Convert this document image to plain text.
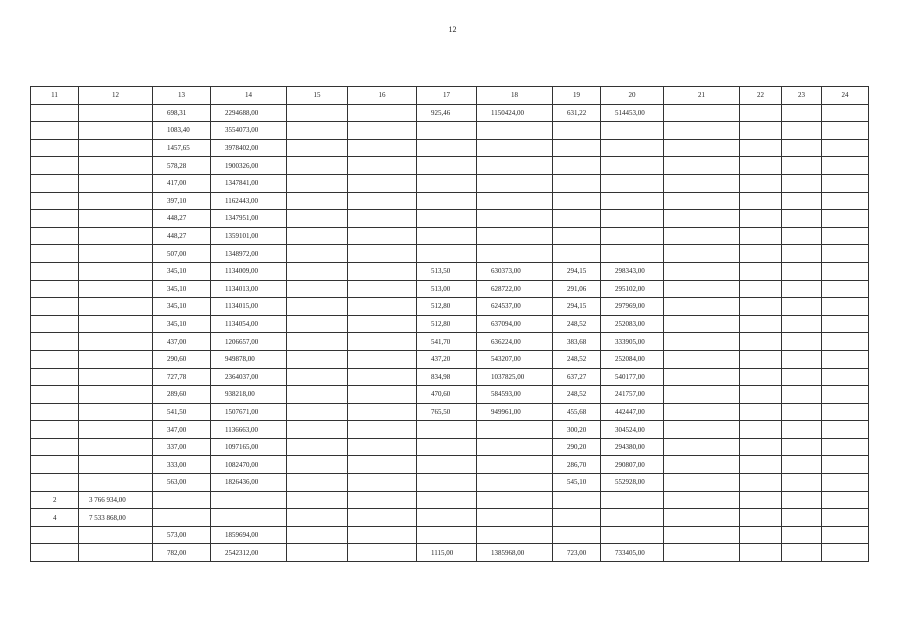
12
11	12	13	14	15	16	17	18	19	20	21	22	23	24
		698,31	2294688,00			925,46	1150424,00	631,22	514453,00				
		1083,40	3554073,00										
		1457,65	3978402,00										
		578,28	1900326,00										
		417,00	1347841,00										
		397,10	1162443,00										
		448,27	1347951,00										
		448,27	1359101,00										
		507,00	1348972,00										
		345,10	1134009,00			513,50	630373,00	294,15	298343,00				
		345,10	1134013,00			513,00	628722,00	291,06	295102,00				
		345,10	1134015,00			512,80	624537,00	294,15	297969,00				
		345,10	1134054,00			512,80	637094,00	248,52	252083,00				
		437,00	1206657,00			541,70	636224,00	383,68	333905,00				
		290,60	949878,00			437,20	543207,00	248,52	252084,00				
		727,78	2364037,00			834,98	1037825,00	637,27	540177,00				
		289,60	938218,00			470,60	584593,00	248,52	241757,00				
		541,50	1507671,00			765,50	949961,00	455,68	442447,00				
		347,00	1136663,00					300,20	304524,00				
		337,00	1097165,00					290,20	294380,00				
		333,00	1082470,00					286,70	290807,00				
		563,00	1826436,00					545,10	552928,00				
2	3 766 934,00												
4	7 533 868,00												
		573,00	1859694,00										
		782,00	2542312,00			1115,00	1385968,00	723,00	733405,00				
